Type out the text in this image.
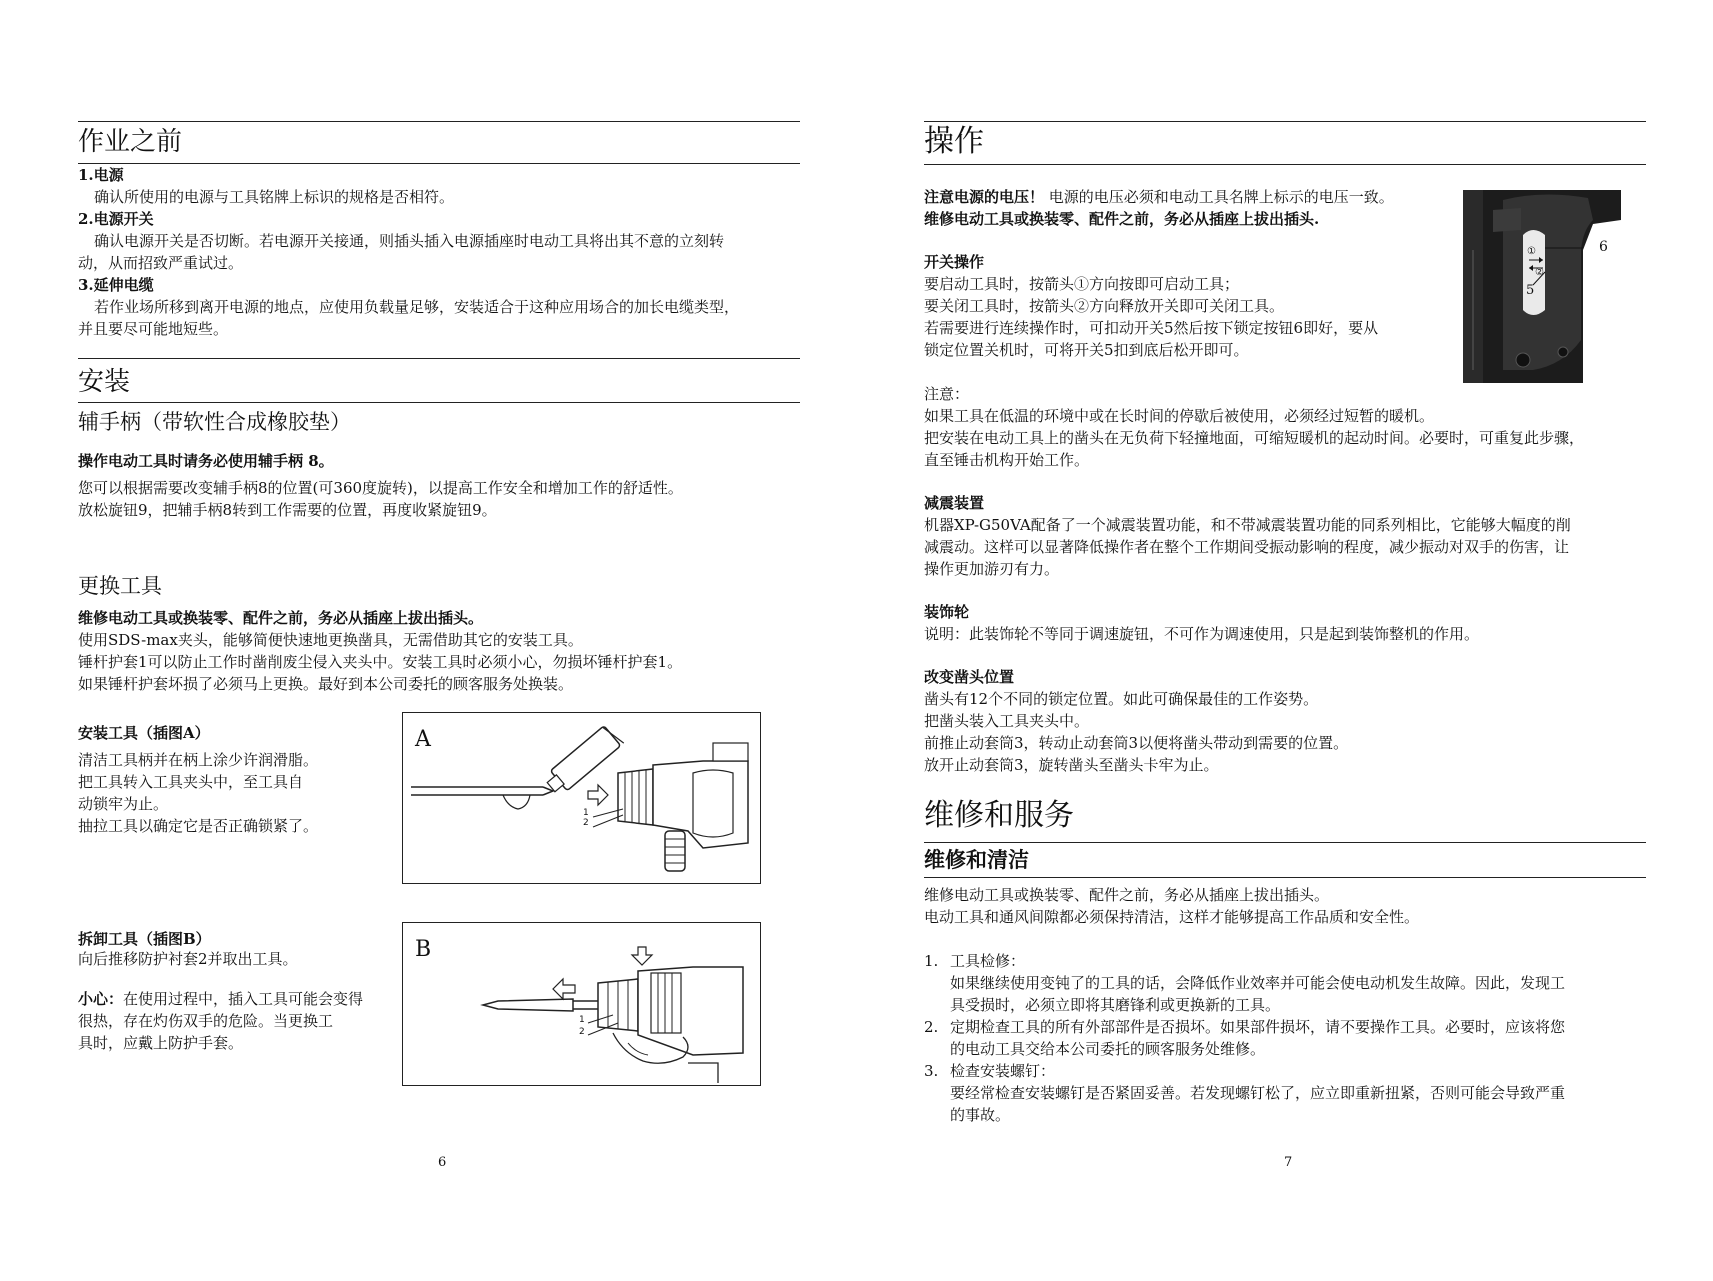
作业之前
1.电源
确认所使用的电源与工具铭牌上标识的规格是否相符。
2.电源开关
确认电源开关是否切断。若电源开关接通，则插头插入电源插座时电动工具将出其不意的立刻转
动，从而招致严重试过。
3.延伸电缆
若作业场所移到离开电源的地点，应使用负载量足够，安装适合于这种应用场合的加长电缆类型，
并且要尽可能地短些。
安装
辅手柄（带软性合成橡胶垫）
操作电动工具时请务必使用辅手柄 8。
您可以根据需要改变辅手柄8的位置(可360度旋转)，以提高工作安全和增加工作的舒适性。
放松旋钮9，把辅手柄8转到工作需要的位置，再度收紧旋钮9。
更换工具
维修电动工具或换装零、配件之前，务必从插座上拔出插头。
使用SDS-max夹头，能够简便快速地更换凿具，无需借助其它的安装工具。
锤杆护套1可以防止工作时凿削废尘侵入夹头中。安装工具时必须小心，勿损坏锤杆护套1。
如果锤杆护套坏损了必须马上更换。最好到本公司委托的顾客服务处换装。
安装工具（插图A）
清洁工具柄并在柄上涂少许润滑脂。
把工具转入工具夹头中，至工具自
动锁牢为止。
抽拉工具以确定它是否正确锁紧了。
A
1
2
拆卸工具（插图B）
向后推移防护衬套2并取出工具。
小心：在使用过程中，插入工具可能会变得
很热，存在灼伤双手的危险。当更换工
具时，应戴上防护手套。
B
1
2
6
操作
注意电源的电压！ 电源的电压必须和电动工具名牌上标示的电压一致。
维修电动工具或换装零、配件之前，务必从插座上拔出插头.
开关操作
要启动工具时，按箭头①方向按即可启动工具；
要关闭工具时，按箭头②方向释放开关即可关闭工具。
若需要进行连续操作时，可扣动开关5然后按下锁定按钮6即好，要从
锁定位置关机时，可将开关5扣到底后松开即可。
①
②
6
5
注意：
如果工具在低温的环境中或在长时间的停歇后被使用，必须经过短暂的暖机。
把安装在电动工具上的凿头在无负荷下轻撞地面，可缩短暖机的起动时间。必要时，可重复此步骤，
直至锤击机构开始工作。
减震装置
机器XP-G50VA配备了一个减震装置功能，和不带减震装置功能的同系列相比，它能够大幅度的削
减震动。这样可以显著降低操作者在整个工作期间受振动影响的程度，减少振动对双手的伤害，让
操作更加游刃有力。
装饰轮
说明：此装饰轮不等同于调速旋钮，不可作为调速使用，只是起到装饰整机的作用。
改变凿头位置
凿头有12个不同的锁定位置。如此可确保最佳的工作姿势。
把凿头装入工具夹头中。
前推止动套筒3，转动止动套筒3以便将凿头带动到需要的位置。
放开止动套筒3，旋转凿头至凿头卡牢为止。
维修和服务
维修和清洁
维修电动工具或换装零、配件之前，务必从插座上拔出插头。
电动工具和通风间隙都必须保持清洁，这样才能够提高工作品质和安全性。
1. 工具检修：
如果继续使用变钝了的工具的话，会降低作业效率并可能会使电动机发生故障。因此，发现工
具受损时，必须立即将其磨锋利或更换新的工具。
2. 定期检查工具的所有外部部件是否损坏。如果部件损坏，请不要操作工具。必要时，应该将您
的电动工具交给本公司委托的顾客服务处维修。
3. 检查安装螺钉：
要经常检查安装螺钉是否紧固妥善。若发现螺钉松了，应立即重新扭紧，否则可能会导致严重
的事故。
7
